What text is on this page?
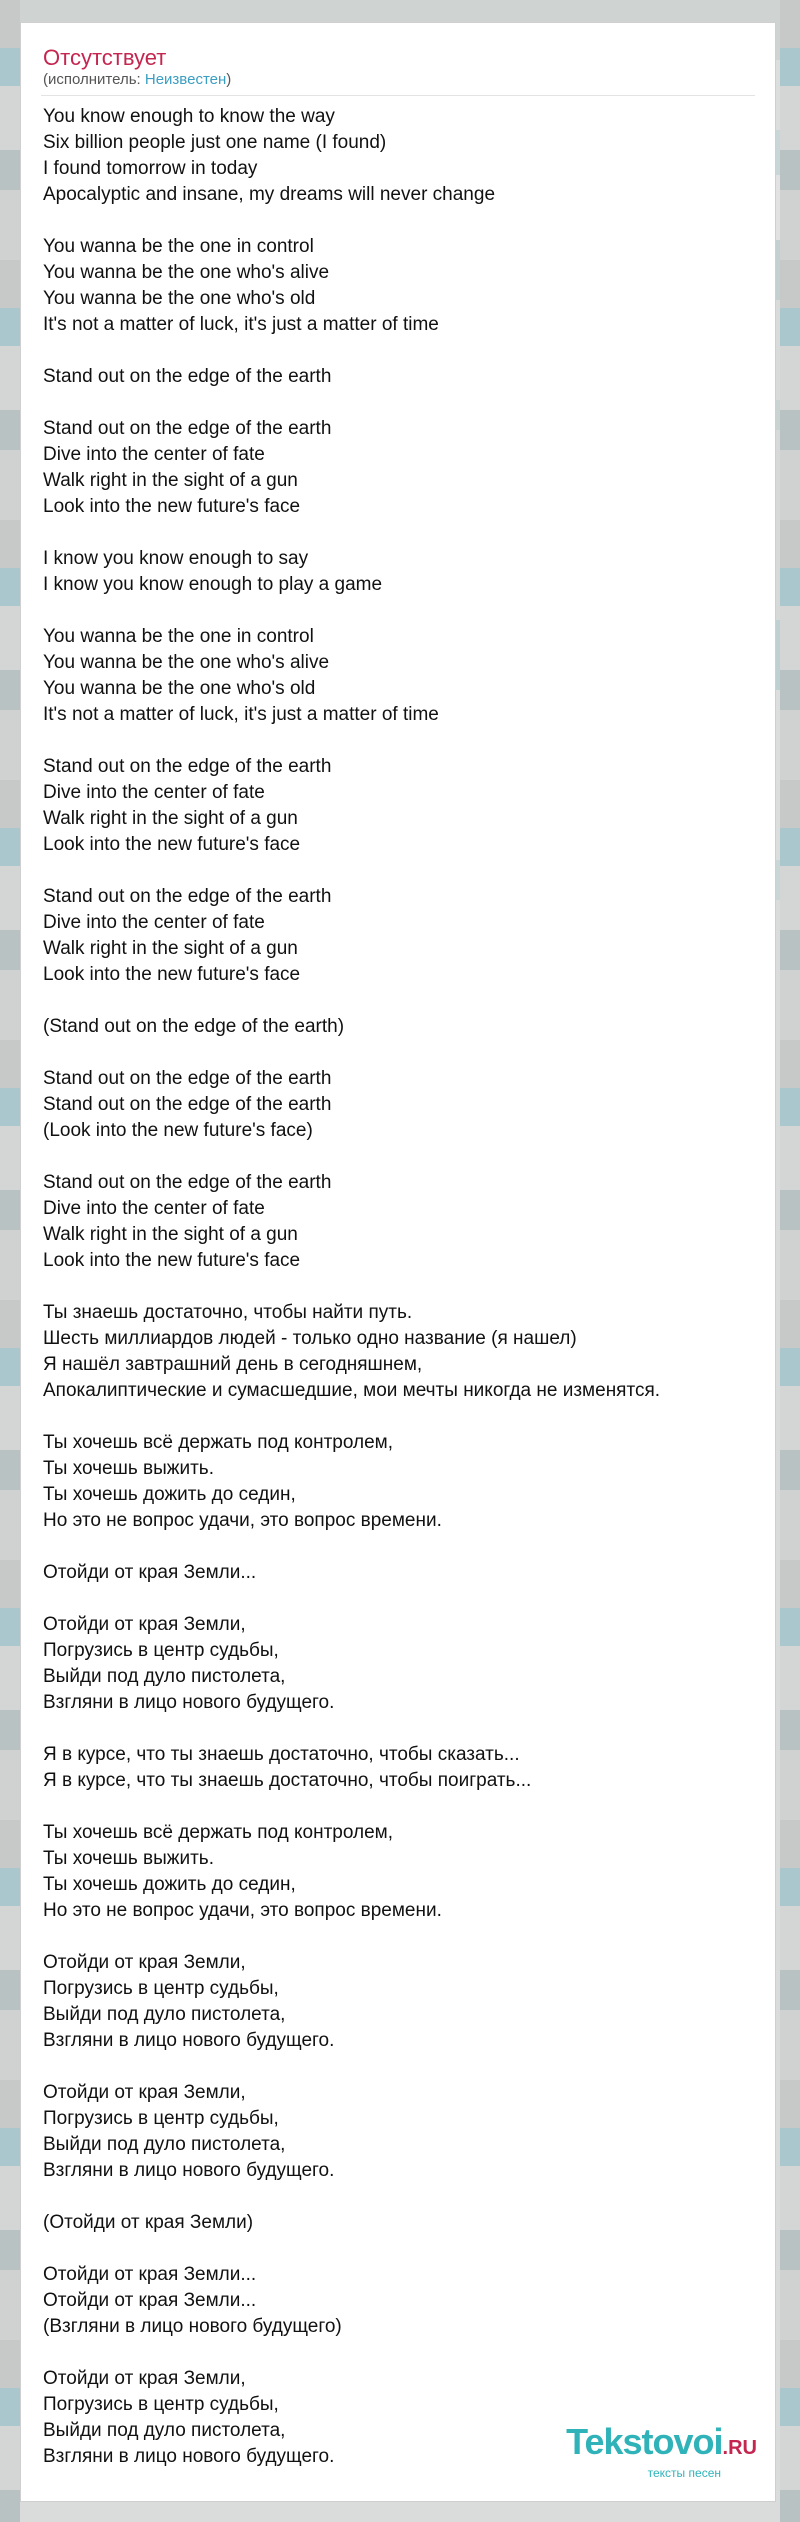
Отсутствует
(исполнитель: Неизвестен)
You know enough to know the way
Six billion people just one name (I found)
I found tomorrow in today
Apocalyptic and insane, my dreams will never change
You wanna be the one in control
You wanna be the one who's alive
You wanna be the one who's old
It's not a matter of luck, it's just a matter of time
Stand out on the edge of the earth
Stand out on the edge of the earth
Dive into the center of fate
Walk right in the sight of a gun
Look into the new future's face
I know you know enough to say
I know you know enough to play a game
You wanna be the one in control
You wanna be the one who's alive
You wanna be the one who's old
It's not a matter of luck, it's just a matter of time
Stand out on the edge of the earth
Dive into the center of fate
Walk right in the sight of a gun
Look into the new future's face
Stand out on the edge of the earth
Dive into the center of fate
Walk right in the sight of a gun
Look into the new future's face
(Stand out on the edge of the earth)
Stand out on the edge of the earth
Stand out on the edge of the earth
(Look into the new future's face)
Stand out on the edge of the earth
Dive into the center of fate
Walk right in the sight of a gun
Look into the new future's face
Ты знаешь достаточно, чтобы найти путь.
Шесть миллиардов людей - только одно название (я нашел)
Я нашёл завтрашний день в сегодняшнем,
Апокалиптические и сумасшедшие, мои мечты никогда не изменятся.
Ты хочешь всё держать под контролем,
Ты хочешь выжить.
Ты хочешь дожить до седин,
Но это не вопрос удачи, это вопрос времени.
Отойди от края Земли...
Отойди от края Земли,
Погрузись в центр судьбы,
Выйди под дуло пистолета,
Взгляни в лицо нового будущего.
Я в курсе, что ты знаешь достаточно, чтобы сказать...
Я в курсе, что ты знаешь достаточно, чтобы поиграть...
Ты хочешь всё держать под контролем,
Ты хочешь выжить.
Ты хочешь дожить до седин,
Но это не вопрос удачи, это вопрос времени.
Отойди от края Земли,
Погрузись в центр судьбы,
Выйди под дуло пистолета,
Взгляни в лицо нового будущего.
Отойди от края Земли,
Погрузись в центр судьбы,
Выйди под дуло пистолета,
Взгляни в лицо нового будущего.
(Отойди от края Земли)
Отойди от края Земли...
Отойди от края Земли...
(Взгляни в лицо нового будущего)
Отойди от края Земли,
Погрузись в центр судьбы,
Выйди под дуло пистолета,
Взгляни в лицо нового будущего.	Tekstovoi.RU
тексты песен
